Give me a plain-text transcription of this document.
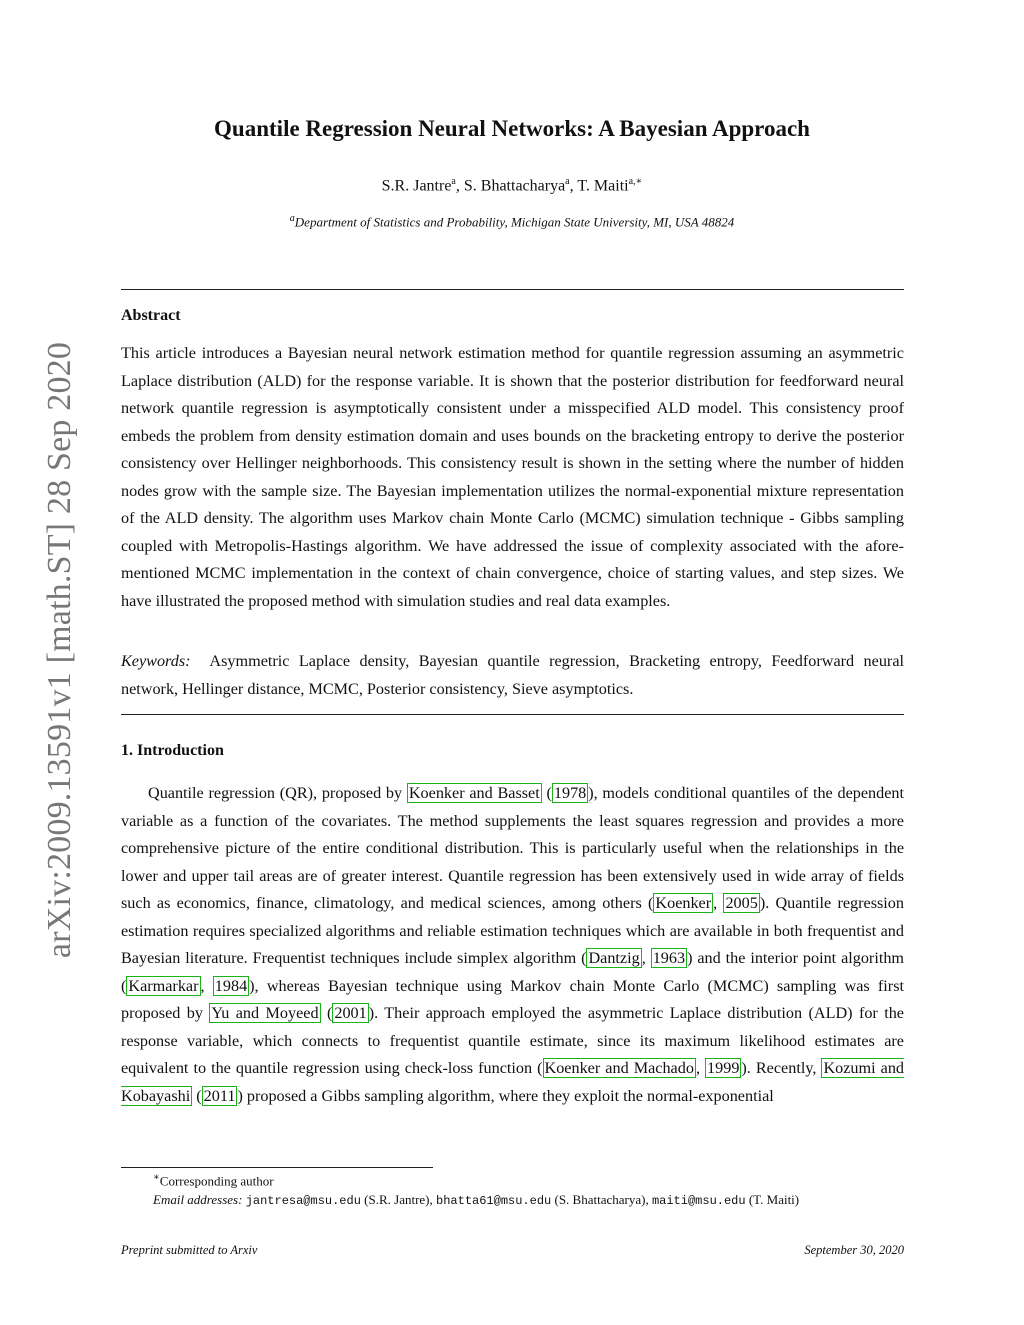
arXiv:2009.13591v1 [math.ST] 28 Sep 2020
Quantile Regression Neural Networks: A Bayesian Approach
S.R. Jantre$^a$, S. Bhattacharya$^a$, T. Maiti$^{a,∗}$
$^a$Department of Statistics and Probability, Michigan State University, MI, USA 48824
Abstract
This article introduces a Bayesian neural network estimation method for quantile regression assuming an asymmetric Laplace distribution (ALD) for the response variable. It is shown that the posterior distribution for feedforward neural network quantile regression is asymptotically consistent under a misspecified ALD model. This consistency proof embeds the problem from density estimation domain and uses bounds on the bracketing entropy to derive the posterior consistency over Hellinger neighborhoods. This consistency result is shown in the setting where the number of hidden nodes grow with the sample size. The Bayesian implementation utilizes the normal-exponential mixture representation of the ALD density. The algorithm uses Markov chain Monte Carlo (MCMC) simulation technique - Gibbs sampling coupled with Metropolis-Hastings algorithm. We have addressed the issue of complexity associated with the afore-mentioned MCMC implementation in the context of chain convergence, choice of starting values, and step sizes. We have illustrated the proposed method with simulation studies and real data examples.
Keywords: Asymmetric Laplace density, Bayesian quantile regression, Bracketing entropy, Feedforward neural network, Hellinger distance, MCMC, Posterior consistency, Sieve asymptotics.
1. Introduction
Quantile regression (QR), proposed by Koenker and Basset ( 1978 ), models conditional quantiles of the dependent variable as a function of the covariates. The method supplements the least squares regression and provides a more comprehensive picture of the entire conditional distribution. This is particularly useful when the relationships in the lower and upper tail areas are of greater interest. Quantile regression has been extensively used in wide array of fields such as economics, finance, climatology, and medical sciences, among others ( Koenker , 2005 ). Quantile regression estimation requires specialized algorithms and reliable estimation techniques which are available in both frequentist and Bayesian literature. Frequentist techniques include simplex algorithm ( Dantzig , 1963 ) and the interior point algorithm ( Karmarkar , 1984 ), whereas Bayesian technique using Markov chain Monte Carlo (MCMC) sampling was first proposed by Yu and Moyeed ( 2001 ). Their approach employed the asymmetric Laplace distribution (ALD) for the response variable, which connects to frequentist quantile estimate, since its maximum likelihood estimates are equivalent to the quantile regression using check-loss function ( Koenker and Machado , 1999 ). Recently, Kozumi and Kobayashi ( 2011 ) proposed a Gibbs sampling algorithm, where they exploit the normal-exponential
∗Corresponding author
Email addresses: jantresa@msu.edu (S.R. Jantre), bhatta61@msu.edu (S. Bhattacharya), maiti@msu.edu (T. Maiti)
Preprint submitted to Arxiv	September 30, 2020
